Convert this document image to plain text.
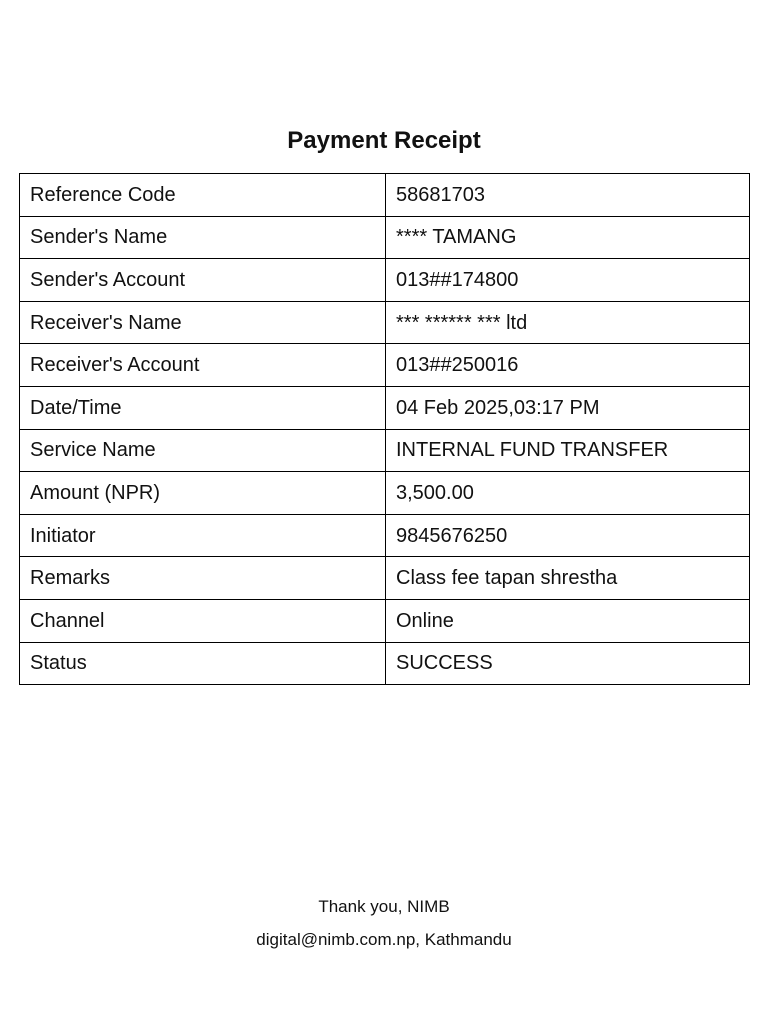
Payment Receipt
Reference Code	58681703
Sender's Name	**** TAMANG
Sender's Account	013##174800
Receiver's Name	*** ****** *** ltd
Receiver's Account	013##250016
Date/Time	04 Feb 2025,03:17 PM
Service Name	INTERNAL FUND TRANSFER
Amount (NPR)	3,500.00
Initiator	9845676250
Remarks	Class fee tapan shrestha
Channel	Online
Status	SUCCESS
Thank you, NIMB
digital@nimb.com.np, Kathmandu
